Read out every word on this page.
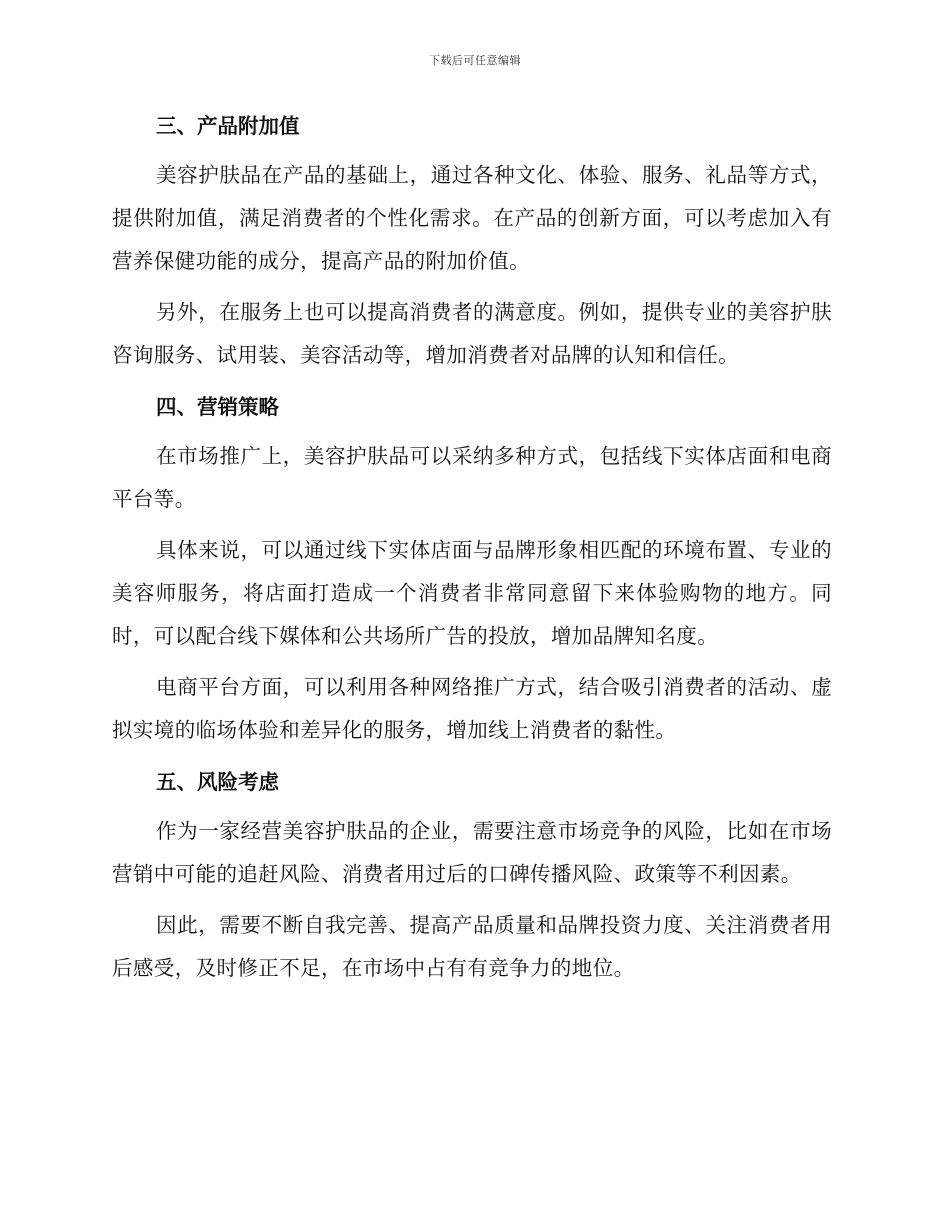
下载后可任意编辑
三、产品附加值

美容护肤品在产品的基础上，通过各种文化、体验、服务、礼品等方式，提供附加值，满足消费者的个性化需求。在产品的创新方面，可以考虑加入有营养保健功能的成分，提高产品的附加价值。

另外，在服务上也可以提高消费者的满意度。例如，提供专业的美容护肤咨询服务、试用装、美容活动等，增加消费者对品牌的认知和信任。

四、营销策略

在市场推广上，美容护肤品可以采纳多种方式，包括线下实体店面和电商平台等。

具体来说，可以通过线下实体店面与品牌形象相匹配的环境布置、专业的美容师服务，将店面打造成一个消费者非常同意留下来体验购物的地方。同时，可以配合线下媒体和公共场所广告的投放，增加品牌知名度。

电商平台方面，可以利用各种网络推广方式，结合吸引消费者的活动、虚拟实境的临场体验和差异化的服务，增加线上消费者的黏性。

五、风险考虑

作为一家经营美容护肤品的企业，需要注意市场竞争的风险，比如在市场营销中可能的追赶风险、消费者用过后的口碑传播风险、政策等不利因素。

因此，需要不断自我完善、提高产品质量和品牌投资力度、关注消费者用后感受，及时修正不足，在市场中占有有竞争力的地位。
